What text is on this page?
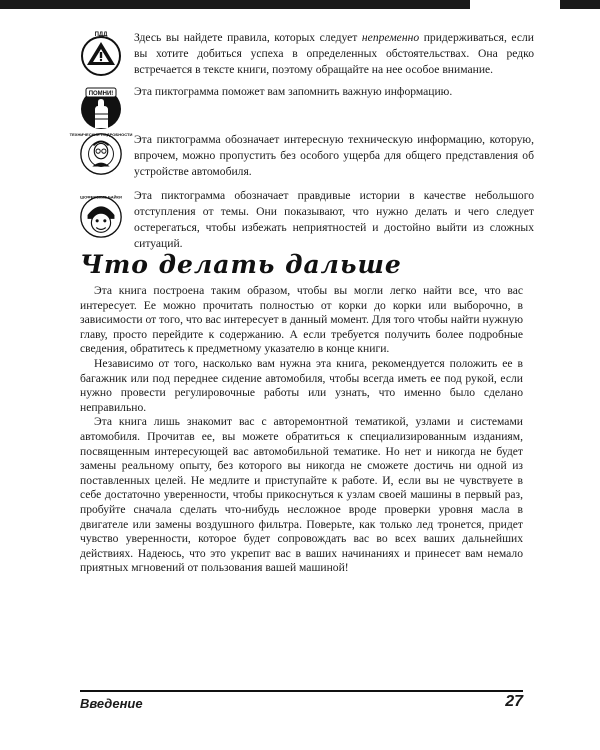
ПДД Здесь вы найдете правила, которых следует непременно придерживаться, если вы хотите добиться успеха в определенных обстоятельствах. Она редко встречается в тексте книги, поэтому обращайте на нее особое внимание.
ПОМНИ! Эта пиктограмма поможет вам запомнить важную информацию.
ТЕХНИЧЕСКИЕ ПОДРОБНОСТИ Эта пиктограмма обозначает интересную техническую информацию, которую, впрочем, можно пропустить без особого ущерба для общего представления об устройстве автомобиля.
ШОФЕРСКИЕ БАЙКИ Эта пиктограмма обозначает правдивые истории в качестве небольшого отступления от темы. Они показывают, что нужно делать и чего следует остерегаться, чтобы избежать неприятностей и достойно выйти из сложных ситуаций.
Что делать дальше

Эта книга построена таким образом, чтобы вы могли легко найти все, что вас интересует. Ее можно прочитать полностью от корки до корки или выборочно, в зависимости от того, что вас интересует в данный момент. Для того чтобы найти нужную главу, просто перейдите к содержанию. А если требуется получить более подробные сведения, обратитесь к предметному указателю в конце книги.

Независимо от того, насколько вам нужна эта книга, рекомендуется положить ее в багажник или под переднее сидение автомобиля, чтобы всегда иметь ее под рукой, если нужно провести регулировочные работы или узнать, что именно было сделано неправильно.

Эта книга лишь знакомит вас с авторемонтной тематикой, узлами и системами автомобиля. Прочитав ее, вы можете обратиться к специализированным изданиям, посвященным интересующей вас автомобильной тематике. Но нет и никогда не будет замены реальному опыту, без которого вы никогда не сможете достичь ни одной из поставленных целей. Не медлите и приступайте к работе. И, если вы не чувствуете в себе достаточно уверенности, чтобы прикоснуться к узлам своей машины в первый раз, пробуйте сначала сделать что-нибудь несложное вроде проверки уровня масла в двигателе или замены воздушного фильтра. Поверьте, как только лед тронется, придет чувство уверенности, которое будет сопровождать вас во всех ваших дальнейших действиях. Надеюсь, что это укрепит вас в ваших начинаниях и принесет вам немало приятных мгновений от пользования вашей машиной!

Введение	27
